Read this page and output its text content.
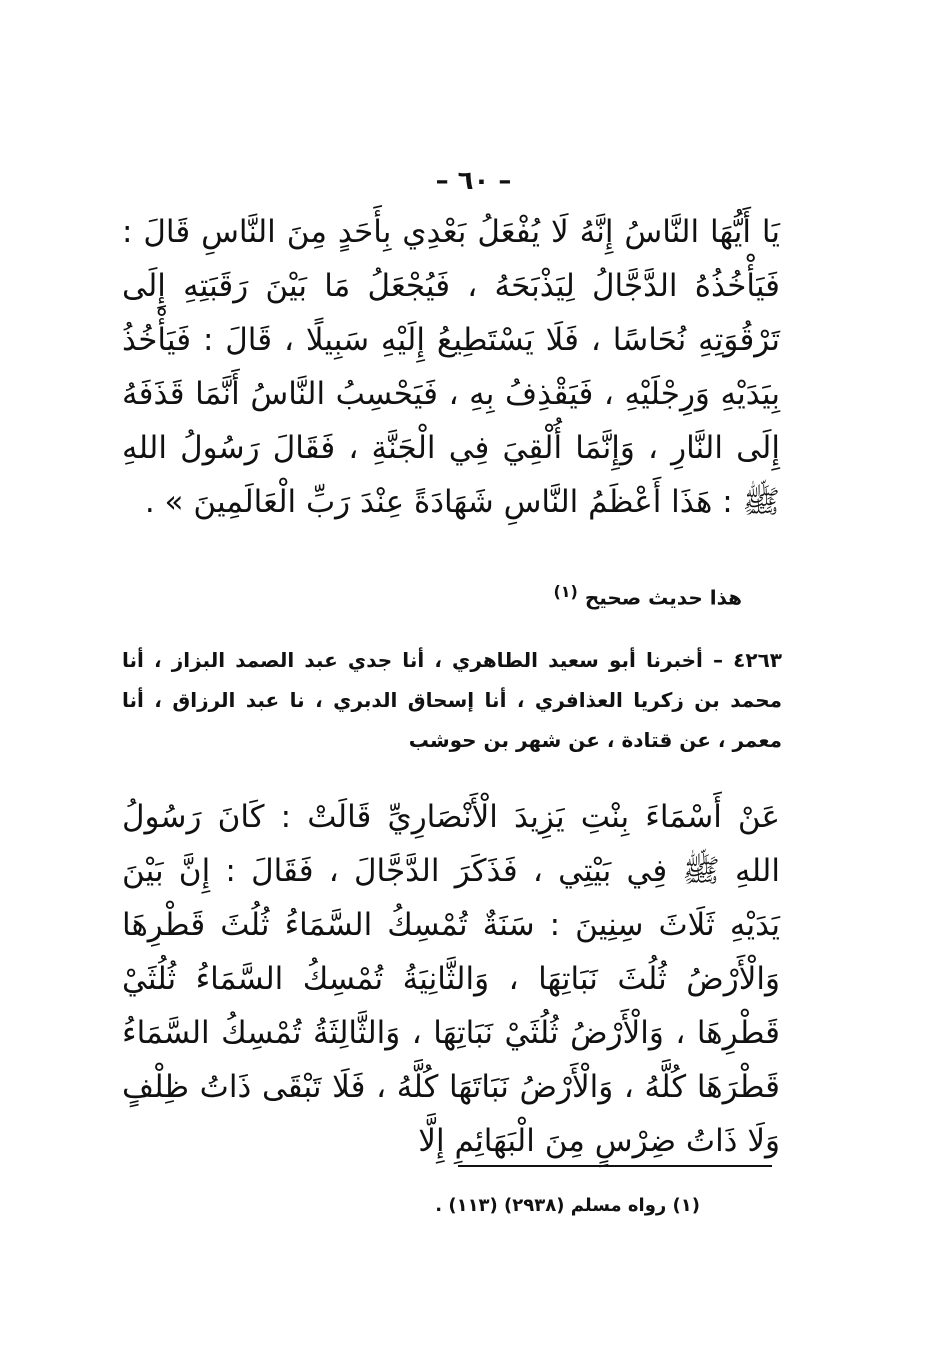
– ٦٠ –
يَا أَيُّهَا النَّاسُ إِنَّهُ لَا يُفْعَلُ بَعْدِي بِأَحَدٍ مِنَ النَّاسِ قَالَ : فَيَأْخُذُهُ الدَّجَّالُ لِيَذْبَحَهُ ، فَيُجْعَلُ مَا بَيْنَ رَقَبَتِهِ إِلَى تَرْقُوَتِهِ نُحَاسًا ، فَلَا يَسْتَطِيعُ إِلَيْهِ سَبِيلًا ، قَالَ : فَيَأْخُذُ بِيَدَيْهِ وَرِجْلَيْهِ ، فَيَقْذِفُ بِهِ ، فَيَحْسِبُ النَّاسُ أَنَّمَا قَذَفَهُ إِلَى النَّارِ ، وَإِنَّمَا أُلْقِيَ فِي الْجَنَّةِ ، فَقَالَ رَسُولُ اللهِ ﷺ : هَذَا أَعْظَمُ النَّاسِ شَهَادَةً عِنْدَ رَبِّ الْعَالَمِينَ » .
هذا حديث صحيح $^{(١)}$
٤٢٦٣ – أخبرنا أبو سعيد الطاهري ، أنا جدي عبد الصمد البزاز ، أنا محمد بن زكريا العذافري ، أنا إسحاق الدبري ، نا عبد الرزاق ، أنا معمر ، عن قتادة ، عن شهر بن حوشب
عَنْ أَسْمَاءَ بِنْتِ يَزِيدَ الْأَنْصَارِيِّ قَالَتْ : كَانَ رَسُولُ اللهِ ﷺ فِي بَيْتِي ، فَذَكَرَ الدَّجَّالَ ، فَقَالَ : إِنَّ بَيْنَ يَدَيْهِ ثَلَاثَ سِنِينَ : سَنَةٌ تُمْسِكُ السَّمَاءُ ثُلُثَ قَطْرِهَا وَالْأَرْضُ ثُلُثَ نَبَاتِهَا ، وَالثَّانِيَةُ تُمْسِكُ السَّمَاءُ ثُلُثَيْ قَطْرِهَا ، وَالْأَرْضُ ثُلُثَيْ نَبَاتِهَا ، وَالثَّالِثَةُ تُمْسِكُ السَّمَاءُ قَطْرَهَا كُلَّهُ ، وَالْأَرْضُ نَبَاتَهَا كُلَّهُ ، فَلَا تَبْقَى ذَاتُ ظِلْفٍ وَلَا ذَاتُ ضِرْسٍ مِنَ الْبَهَائِمِ إِلَّا
(١) رواه مسلم (٢٩٣٨) (١١٣) .
